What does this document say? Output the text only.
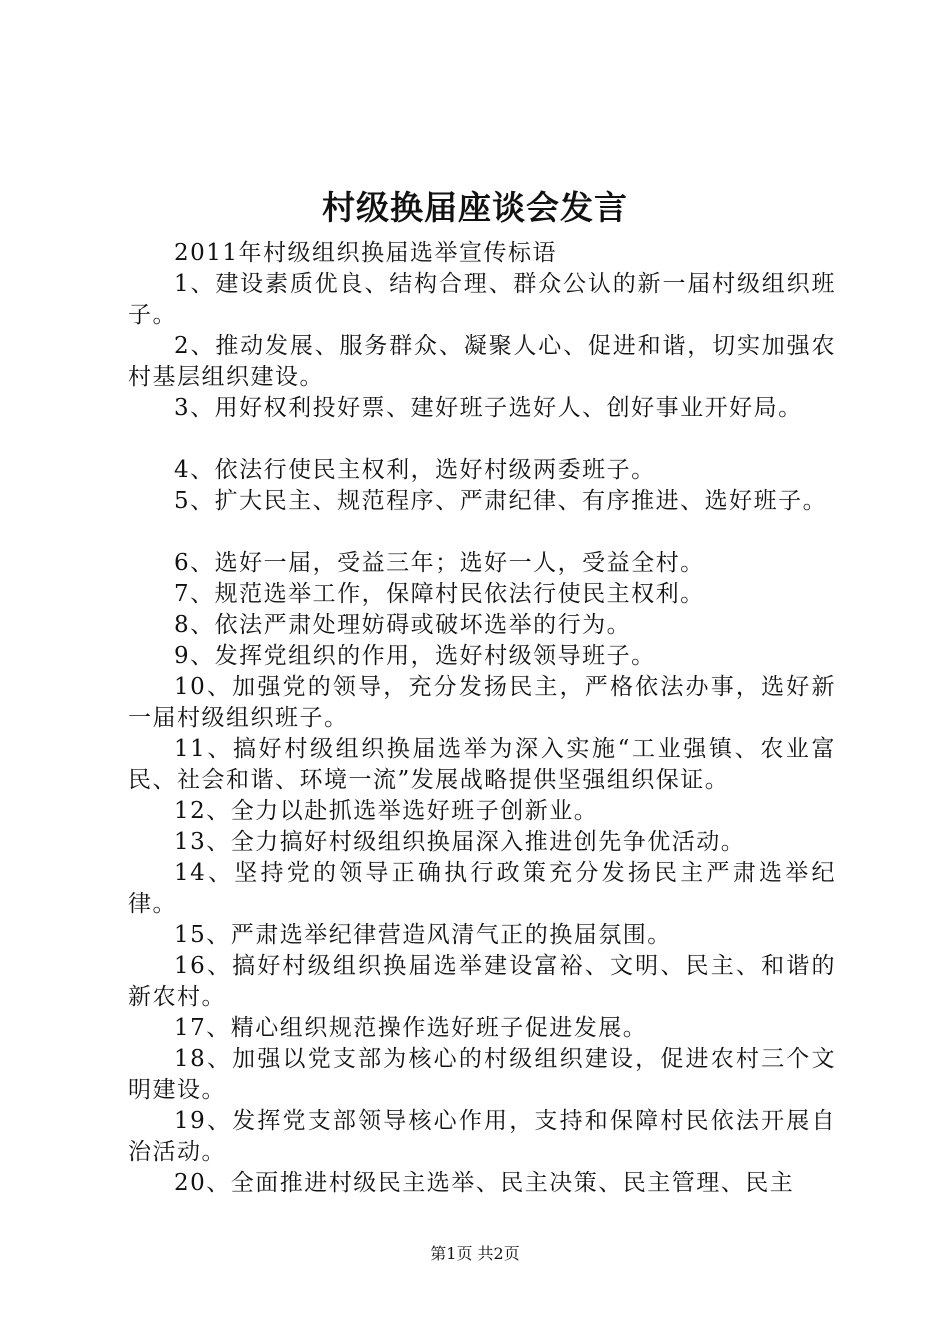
村级换届座谈会发言

2011年村级组织换届选举宣传标语

1、建设素质优良、结构合理、群众公认的新一届村级组织班子。

2、推动发展、服务群众、凝聚人心、促进和谐，切实加强农村基层组织建设。

3、用好权利投好票、建好班子选好人、创好事业开好局。

4、依法行使民主权利，选好村级两委班子。

5、扩大民主、规范程序、严肃纪律、有序推进、选好班子。

6、选好一届，受益三年；选好一人，受益全村。

7、规范选举工作，保障村民依法行使民主权利。

8、依法严肃处理妨碍或破坏选举的行为。

9、发挥党组织的作用，选好村级领导班子。

10、加强党的领导，充分发扬民主，严格依法办事，选好新一届村级组织班子。

11、搞好村级组织换届选举为深入实施“工业强镇、农业富民、社会和谐、环境一流”发展战略提供坚强组织保证。

12、全力以赴抓选举选好班子创新业。

13、全力搞好村级组织换届深入推进创先争优活动。

14、坚持党的领导正确执行政策充分发扬民主严肃选举纪律。

15、严肃选举纪律营造风清气正的换届氛围。

16、搞好村级组织换届选举建设富裕、文明、民主、和谐的新农村。

17、精心组织规范操作选好班子促进发展。

18、加强以党支部为核心的村级组织建设，促进农村三个文明建设。

19、发挥党支部领导核心作用，支持和保障村民依法开展自治活动。

20、全面推进村级民主选举、民主决策、民主管理、民主

第1页 共2页
